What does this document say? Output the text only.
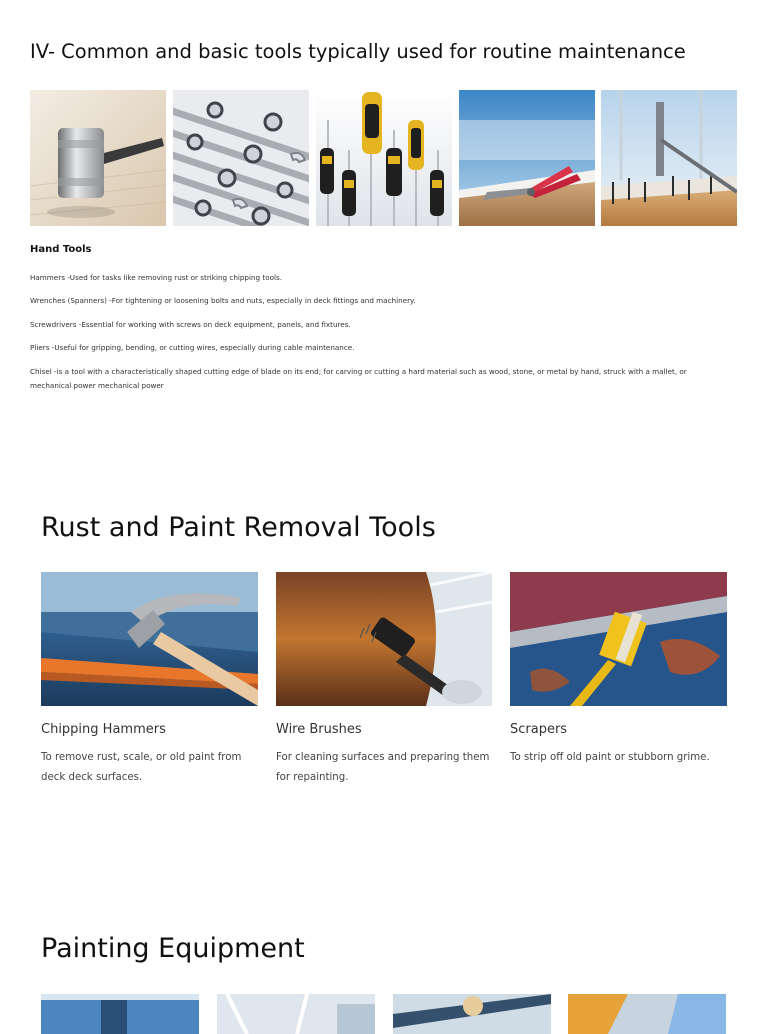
IV- Common and basic tools typically used for routine maintenance
Hand Tools
Hammers -Used for tasks like removing rust or striking chipping tools.
Wrenches (Spanners) -For tightening or loosening bolts and nuts, especially in deck fittings and machinery.
Screwdrivers -Essential for working with screws on deck equipment, panels, and fixtures.
Pliers -Useful for gripping, bending, or cutting wires, especially during cable maintenance.
Chisel -is a tool with a characteristically shaped cutting edge of blade on its end; for carving or cutting a hard material such as wood, stone, or metal by hand, struck with a mallet, or mechanical power mechanical power
Rust and Paint Removal Tools
Chipping Hammers	Wire Brushes	Scrapers
To remove rust, scale, or old paint from deck deck surfaces.
For cleaning surfaces and preparing them for repainting.
To strip off old paint or stubborn grime.
Painting Equipment
